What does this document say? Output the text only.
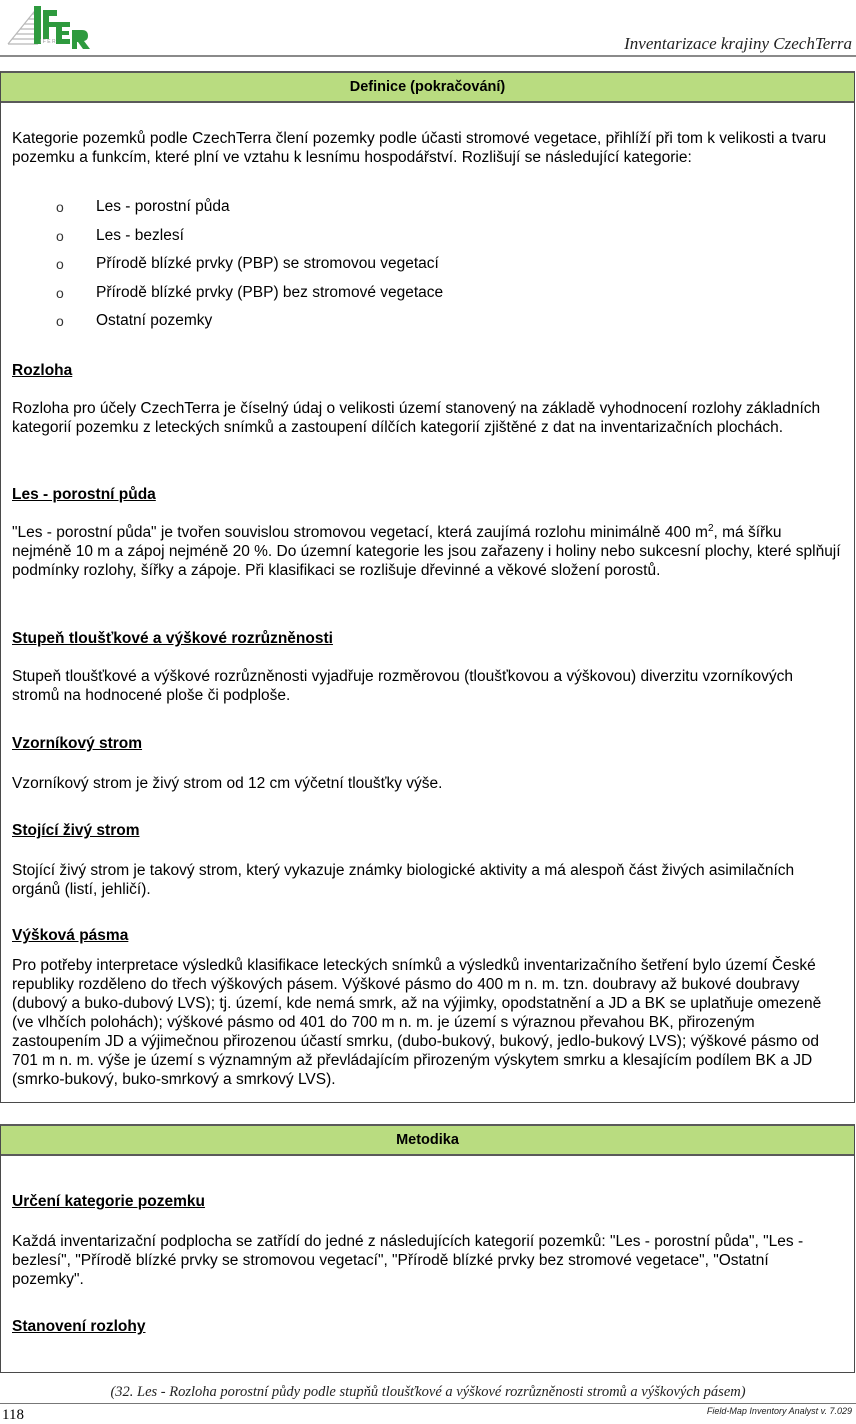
I F E R	Inventarizace krajiny CzechTerra
Definice (pokračování)
Kategorie pozemků podle CzechTerra člení pozemky podle účasti stromové vegetace, přihlíží při tom k velikosti a tvaru pozemku a funkcím, které plní ve vztahu k lesnímu hospodářství. Rozlišují se následující kategorie:
o Les - porostní půda
o Les - bezlesí
o Přírodě blízké prvky (PBP) se stromovou vegetací
o Přírodě blízké prvky (PBP) bez stromové vegetace
o Ostatní pozemky
Rozloha
Rozloha pro účely CzechTerra je číselný údaj o velikosti území stanovený na základě vyhodnocení rozlohy základních kategorií pozemku z leteckých snímků a zastoupení dílčích kategorií zjištěné z dat na inventarizačních plochách.
Les - porostní půda
"Les - porostní půda" je tvořen souvislou stromovou vegetací, která zaujímá rozlohu minimálně 400 $m^2$, má šířku nejméně 10 m a zápoj nejméně 20 %. Do územní kategorie les jsou zařazeny i holiny nebo sukcesní plochy, které splňují podmínky rozlohy, šířky a zápoje. Při klasifikaci se rozlišuje dřevinné a věkové složení porostů.
Stupeň tloušťkové a výškové rozrůzněnosti
Stupeň tloušťkové a výškové rozrůzněnosti vyjadřuje rozměrovou (tloušťkovou a výškovou) diverzitu vzorníkových stromů na hodnocené ploše či podploše.
Vzorníkový strom
Vzorníkový strom je živý strom od 12 cm výčetní tloušťky výše.
Stojící živý strom
Stojící živý strom je takový strom, který vykazuje známky biologické aktivity a má alespoň část živých asimilačních orgánů (listí, jehličí).
Výšková pásma
Pro potřeby interpretace výsledků klasifikace leteckých snímků a výsledků inventarizačního šetření bylo území České republiky rozděleno do třech výškových pásem. Výškové pásmo do 400 m n. m. tzn. doubravy až bukové doubravy (dubový a buko-dubový LVS); tj. území, kde nemá smrk, až na výjimky, opodstatnění a JD a BK se uplatňuje omezeně (ve vlhčích polohách); výškové pásmo od 401 do 700 m n. m. je území s výraznou převahou BK, přirozeným zastoupením JD a výjimečnou přirozenou účastí smrku, (dubo-bukový, bukový, jedlo-bukový LVS); výškové pásmo od 701 m n. m. výše je území s významným až převládajícím přirozeným výskytem smrku a klesajícím podílem BK a JD (smrko-bukový, buko-smrkový a smrkový LVS).
Metodika
Určení kategorie pozemku
Každá inventarizační podplocha se zatřídí do jedné z následujících kategorií pozemků: "Les - porostní půda", "Les - bezlesí", "Přírodě blízké prvky se stromovou vegetací", "Přírodě blízké prvky bez stromové vegetace", "Ostatní pozemky".
Stanovení rozlohy
(32. Les - Rozloha porostní půdy podle stupňů tloušťkové a výškové rozrůzněnosti stromů a výškových pásem)
118	Field-Map Inventory Analyst v. 7.029
